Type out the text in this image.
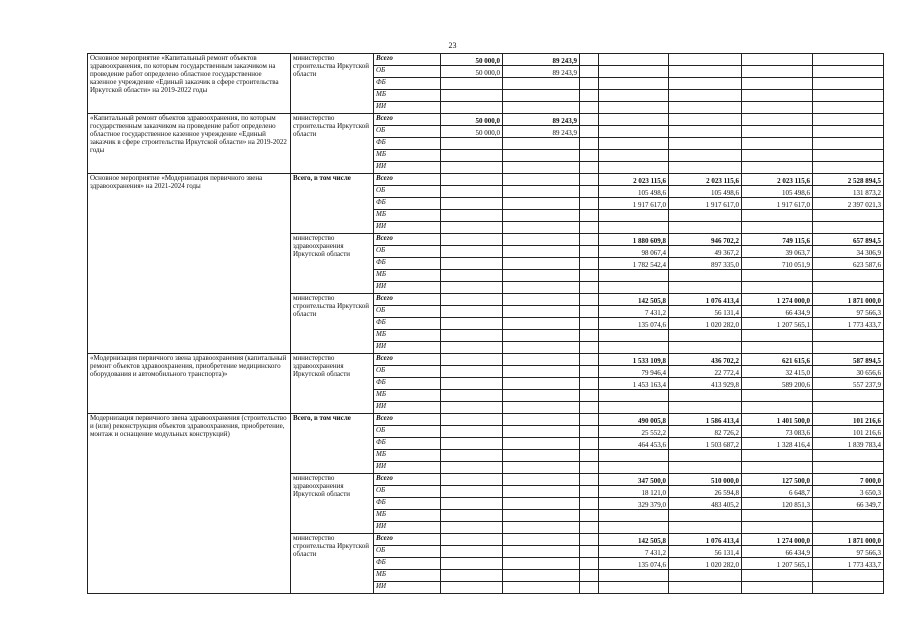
23
Основное мероприятие «Капитальный ремонт объектов здравоохранения, по которым государственным заказчиком на проведение работ определено областное государственное казенное учреждение «Единый заказчик в сфере строительства Иркутской области» на 2019-2022 годы	министерство строительства Иркутской области	Всего	50 000,0	89 243,9					
		ОБ	50 000,0	89 243,9					
		ФБ							
		МБ							
		ИИ							
«Капитальный ремонт объектов здравоохранения, по которым государственным заказчиком на проведение работ определено областное государственное казенное учреждение «Единый заказчик в сфере строительства Иркутской области» на 2019-2022 годы	министерство строительства Иркутской области	Всего	50 000,0	89 243,9					
		ОБ	50 000,0	89 243,9					
		ФБ							
		МБ							
		ИИ							
Основное мероприятие «Модернизация первичного звена здравоохранения» на 2021-2024 годы	Всего, в том числе	Всего				2 023 115,6	2 023 115,6	2 023 115,6	2 528 894,5
		ОБ				105 498,6	105 498,6	105 498,6	131 873,2
		ФБ				1 917 617,0	1 917 617,0	1 917 617,0	2 397 021,3
		МБ							
		ИИ							
	министерство здравоохранения Иркутской области	Всего				1 880 609,8	946 702,2	749 115,6	657 894,5
		ОБ				98 067,4	49 367,2	39 063,7	34 306,9
		ФБ				1 782 542,4	897 335,0	710 051,9	623 587,6
		МБ							
		ИИ							
	министерство строительства Иркутской области	Всего				142 505,8	1 076 413,4	1 274 000,0	1 871 000,0
		ОБ				7 431,2	56 131,4	66 434,9	97 566,3
		ФБ				135 074,6	1 020 282,0	1 207 565,1	1 773 433,7
		МБ							
		ИИ							
«Модернизация первичного звена здравоохранения (капитальный ремонт объектов здравоохранения, приобретение медицинского оборудования и автомобильного транспорта)»	министерство здравоохранения Иркутской области	Всего				1 533 109,8	436 702,2	621 615,6	587 894,5
		ОБ				79 946,4	22 772,4	32 415,0	30 656,6
		ФБ				1 453 163,4	413 929,8	589 200,6	557 237,9
		МБ							
		ИИ							
Модернизация первичного звена здравоохранения (строительство и (или) реконструкция объектов здравоохранения, приобретение, монтаж и оснащение модульных конструкций)	Всего, в том числе	Всего				490 005,8	1 586 413,4	1 401 500,0	101 216,6
		ОБ				25 552,2	82 726,2	73 083,6	101 216,6
		ФБ				464 453,6	1 503 687,2	1 328 416,4	1 839 783,4
		МБ							
		ИИ							
	министерство здравоохранения Иркутской области	Всего				347 500,0	510 000,0	127 500,0	7 000,0
		ОБ				18 121,0	26 594,8	6 648,7	3 650,3
		ФБ				329 379,0	483 405,2	120 851,3	66 349,7
		МБ							
		ИИ							
	министерство строительства Иркутской области	Всего				142 505,8	1 076 413,4	1 274 000,0	1 871 000,0
		ОБ				7 431,2	56 131,4	66 434,9	97 566,3
		ФБ				135 074,6	1 020 282,0	1 207 565,1	1 773 433,7
		МБ							
		ИИ							
